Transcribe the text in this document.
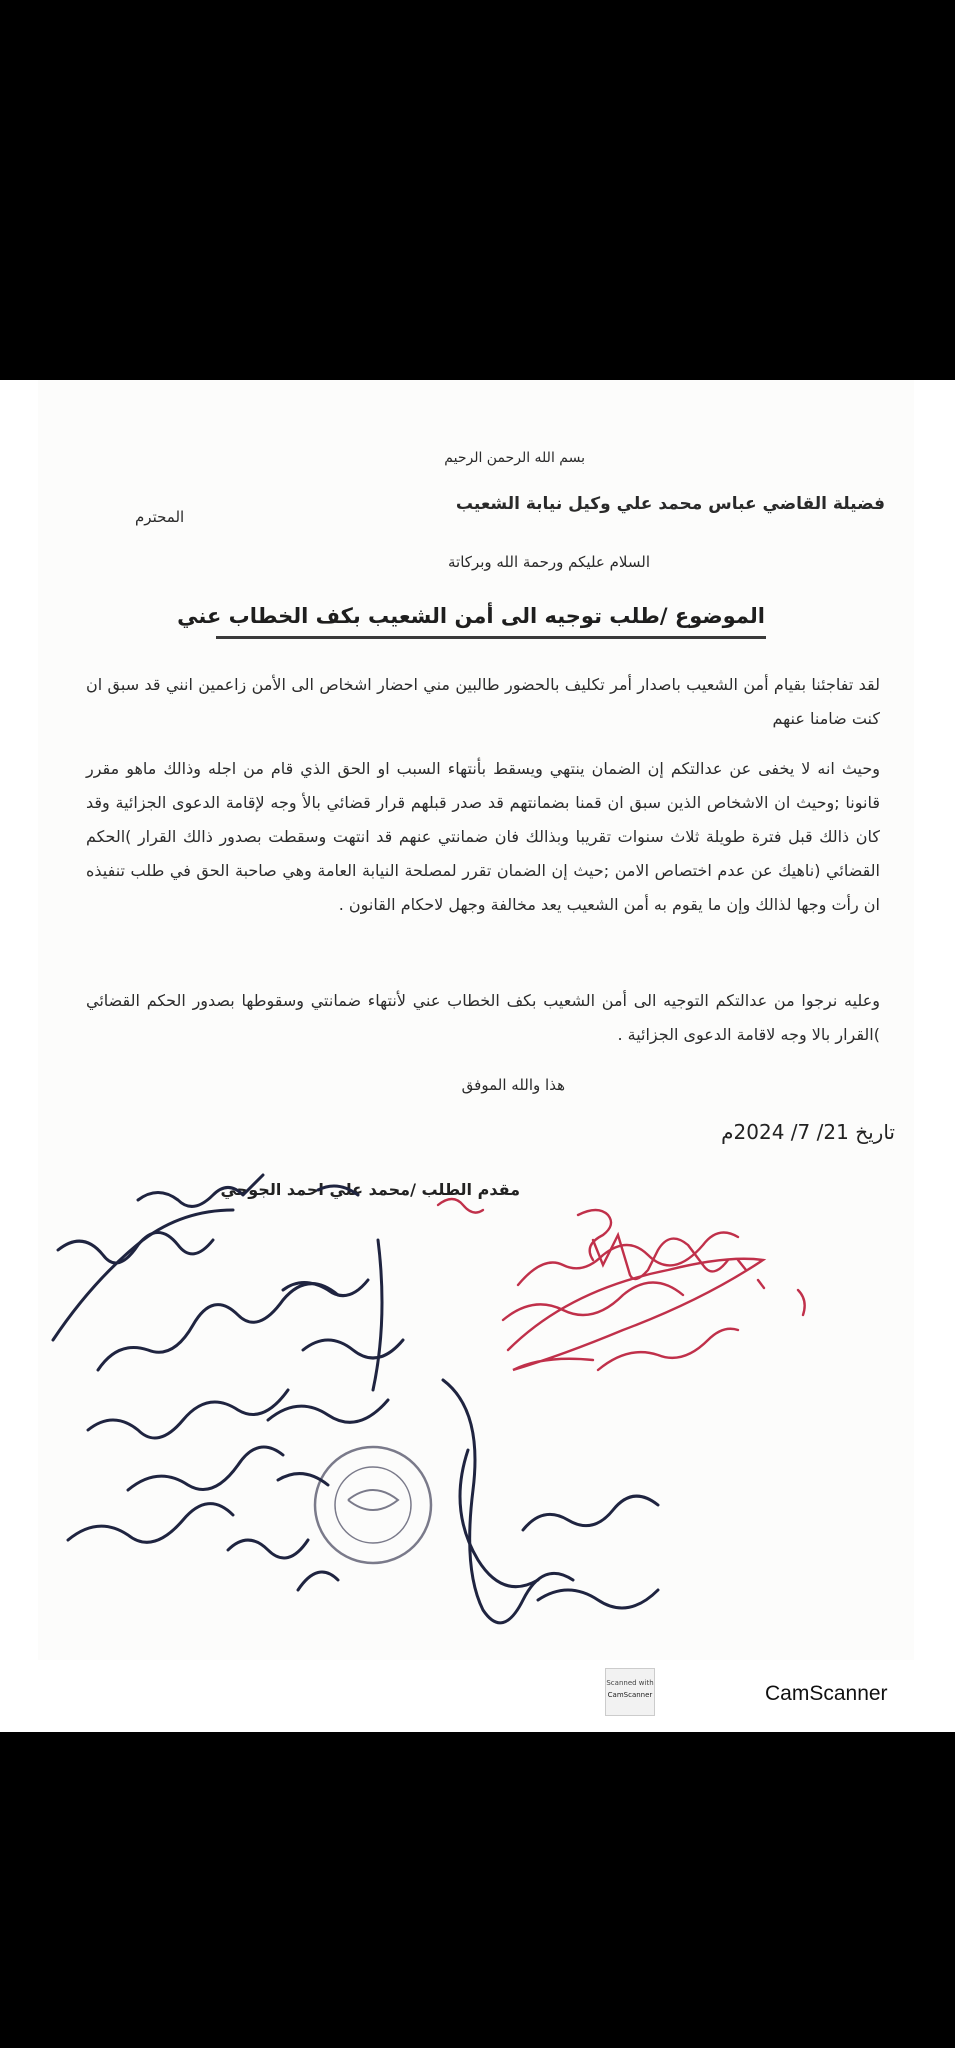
بسم الله الرحمن الرحيم
فضيلة القاضي عباس محمد علي وكيل نيابة الشعيب
المحترم
السلام عليكم ورحمة الله وبركاتة
الموضوع /طلب توجيه الى أمن الشعيب بكف الخطاب عني
لقد تفاجئنا بقيام أمن الشعيب باصدار أمر تكليف بالحضور طالبين مني احضار اشخاص الى الأمن زاعمين انني قد سبق ان كنت ضامنا عنهم
وحيث انه لا يخفى عن عدالتكم إن الضمان ينتهي ويسقط بأنتهاء السبب او الحق الذي قام من اجله وذالك ماهو مقرر قانونا ;وحيث ان الاشخاص الذين سبق ان قمنا بضمانتهم قد صدر قبلهم قرار قضائي بالأ وجه لإقامة الدعوى الجزائية وقد كان ذالك قبل فترة طويلة ثلاث سنوات تقريبا وبذالك فان ضمانتي عنهم قد انتهت وسقطت بصدور ذالك القرار )الحكم القضائي (ناهيك عن عدم اختصاص الامن ;حيث إن الضمان تقرر لمصلحة النيابة العامة وهي صاحبة الحق في طلب تنفيذه ان رأت وجها لذالك وإن ما يقوم به أمن الشعيب يعد مخالفة وجهل لاحكام القانون .
وعليه نرجوا من عدالتكم التوجيه الى أمن الشعيب بكف الخطاب عني لأنتهاء ضمانتي وسقوطها بصدور الحكم القضائي )القرار بالا وجه لاقامة الدعوى الجزائية .
هذا والله الموفق
تاريخ 21/ 7/ 2024م
مقدم الطلب /محمد علي احمد الجوحي
Scanned with
CamScanner	CamScanner
